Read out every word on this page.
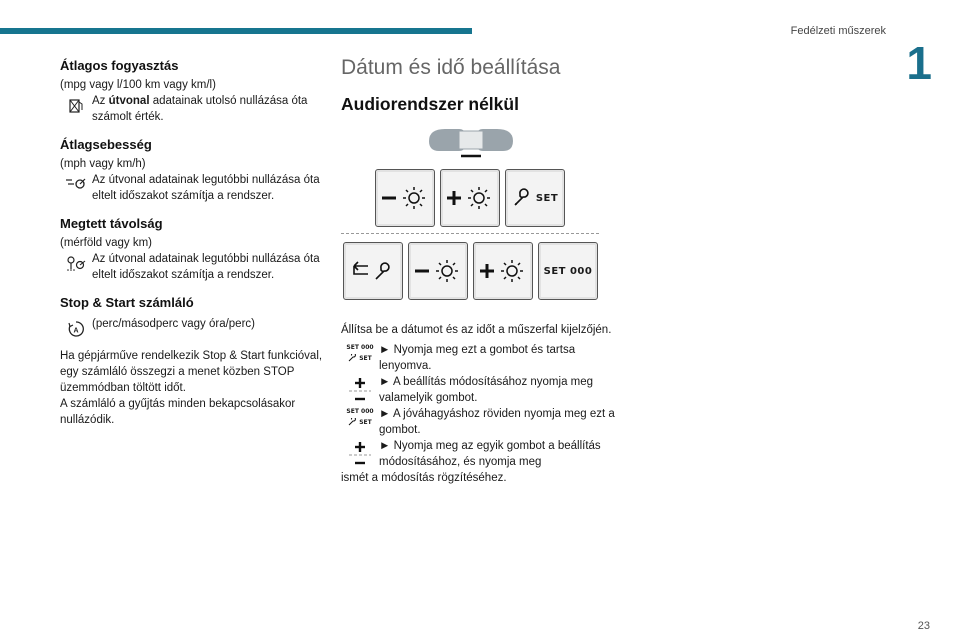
Fedélzeti műszerek
1
Átlagos fogyasztás
(mpg vagy l/100 km vagy km/l)
Az útvonal adatainak utolsó nullázása óta számolt érték.
Átlagsebesség
(mph vagy km/h)
Az útvonal adatainak legutóbbi nullázása óta eltelt időszakot számítja a rendszer.
Megtett távolság
(mérföld vagy km)
Az útvonal adatainak legutóbbi nullázása óta eltelt időszakot számítja a rendszer.
Stop & Start számláló
A
(perc/másodperc vagy óra/perc)
Ha gépjárműve rendelkezik Stop & Start funkcióval, egy számláló összegzi a menet közben STOP üzemmódban töltött időt.
A számláló a gyűjtás minden bekapcsolásakor nullázódik.
Dátum és idő beállítása
Audiorendszer nélkül
SET
SET 000
Állítsa be a dátumot és az időt a műszerfal kijelzőjén.
SET 000
SET
► Nyomja meg ezt a gombot és tartsa lenyomva.
► A beállítás módosításához nyomja meg valamelyik gombot.
SET 000
SET
► A jóváhagyáshoz röviden nyomja meg ezt a gombot.
► Nyomja meg az egyik gombot a beállítás módosításához, és nyomja meg
ismét a módosítás rögzítéséhez.
23
